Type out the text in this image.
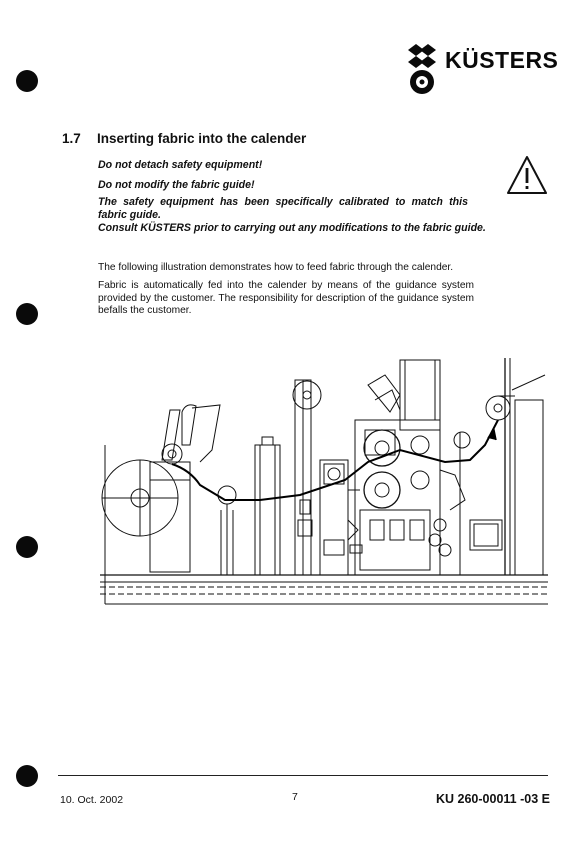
KÜSTERS
1.7 Inserting fabric into the calender
Do not detach safety equipment!
Do not modify the fabric guide!
The safety equipment has been specifically calibrated to match this fabric guide.
Consult KÜSTERS prior to carrying out any modifications to the fabric guide.
The following illustration demonstrates how to feed fabric through the calender.
Fabric is automatically fed into the calender by means of the guidance system provided by the customer. The responsibility for description of the guidance system befalls the customer.
10. Oct. 2002	7	KU 260-00011 -03 E
